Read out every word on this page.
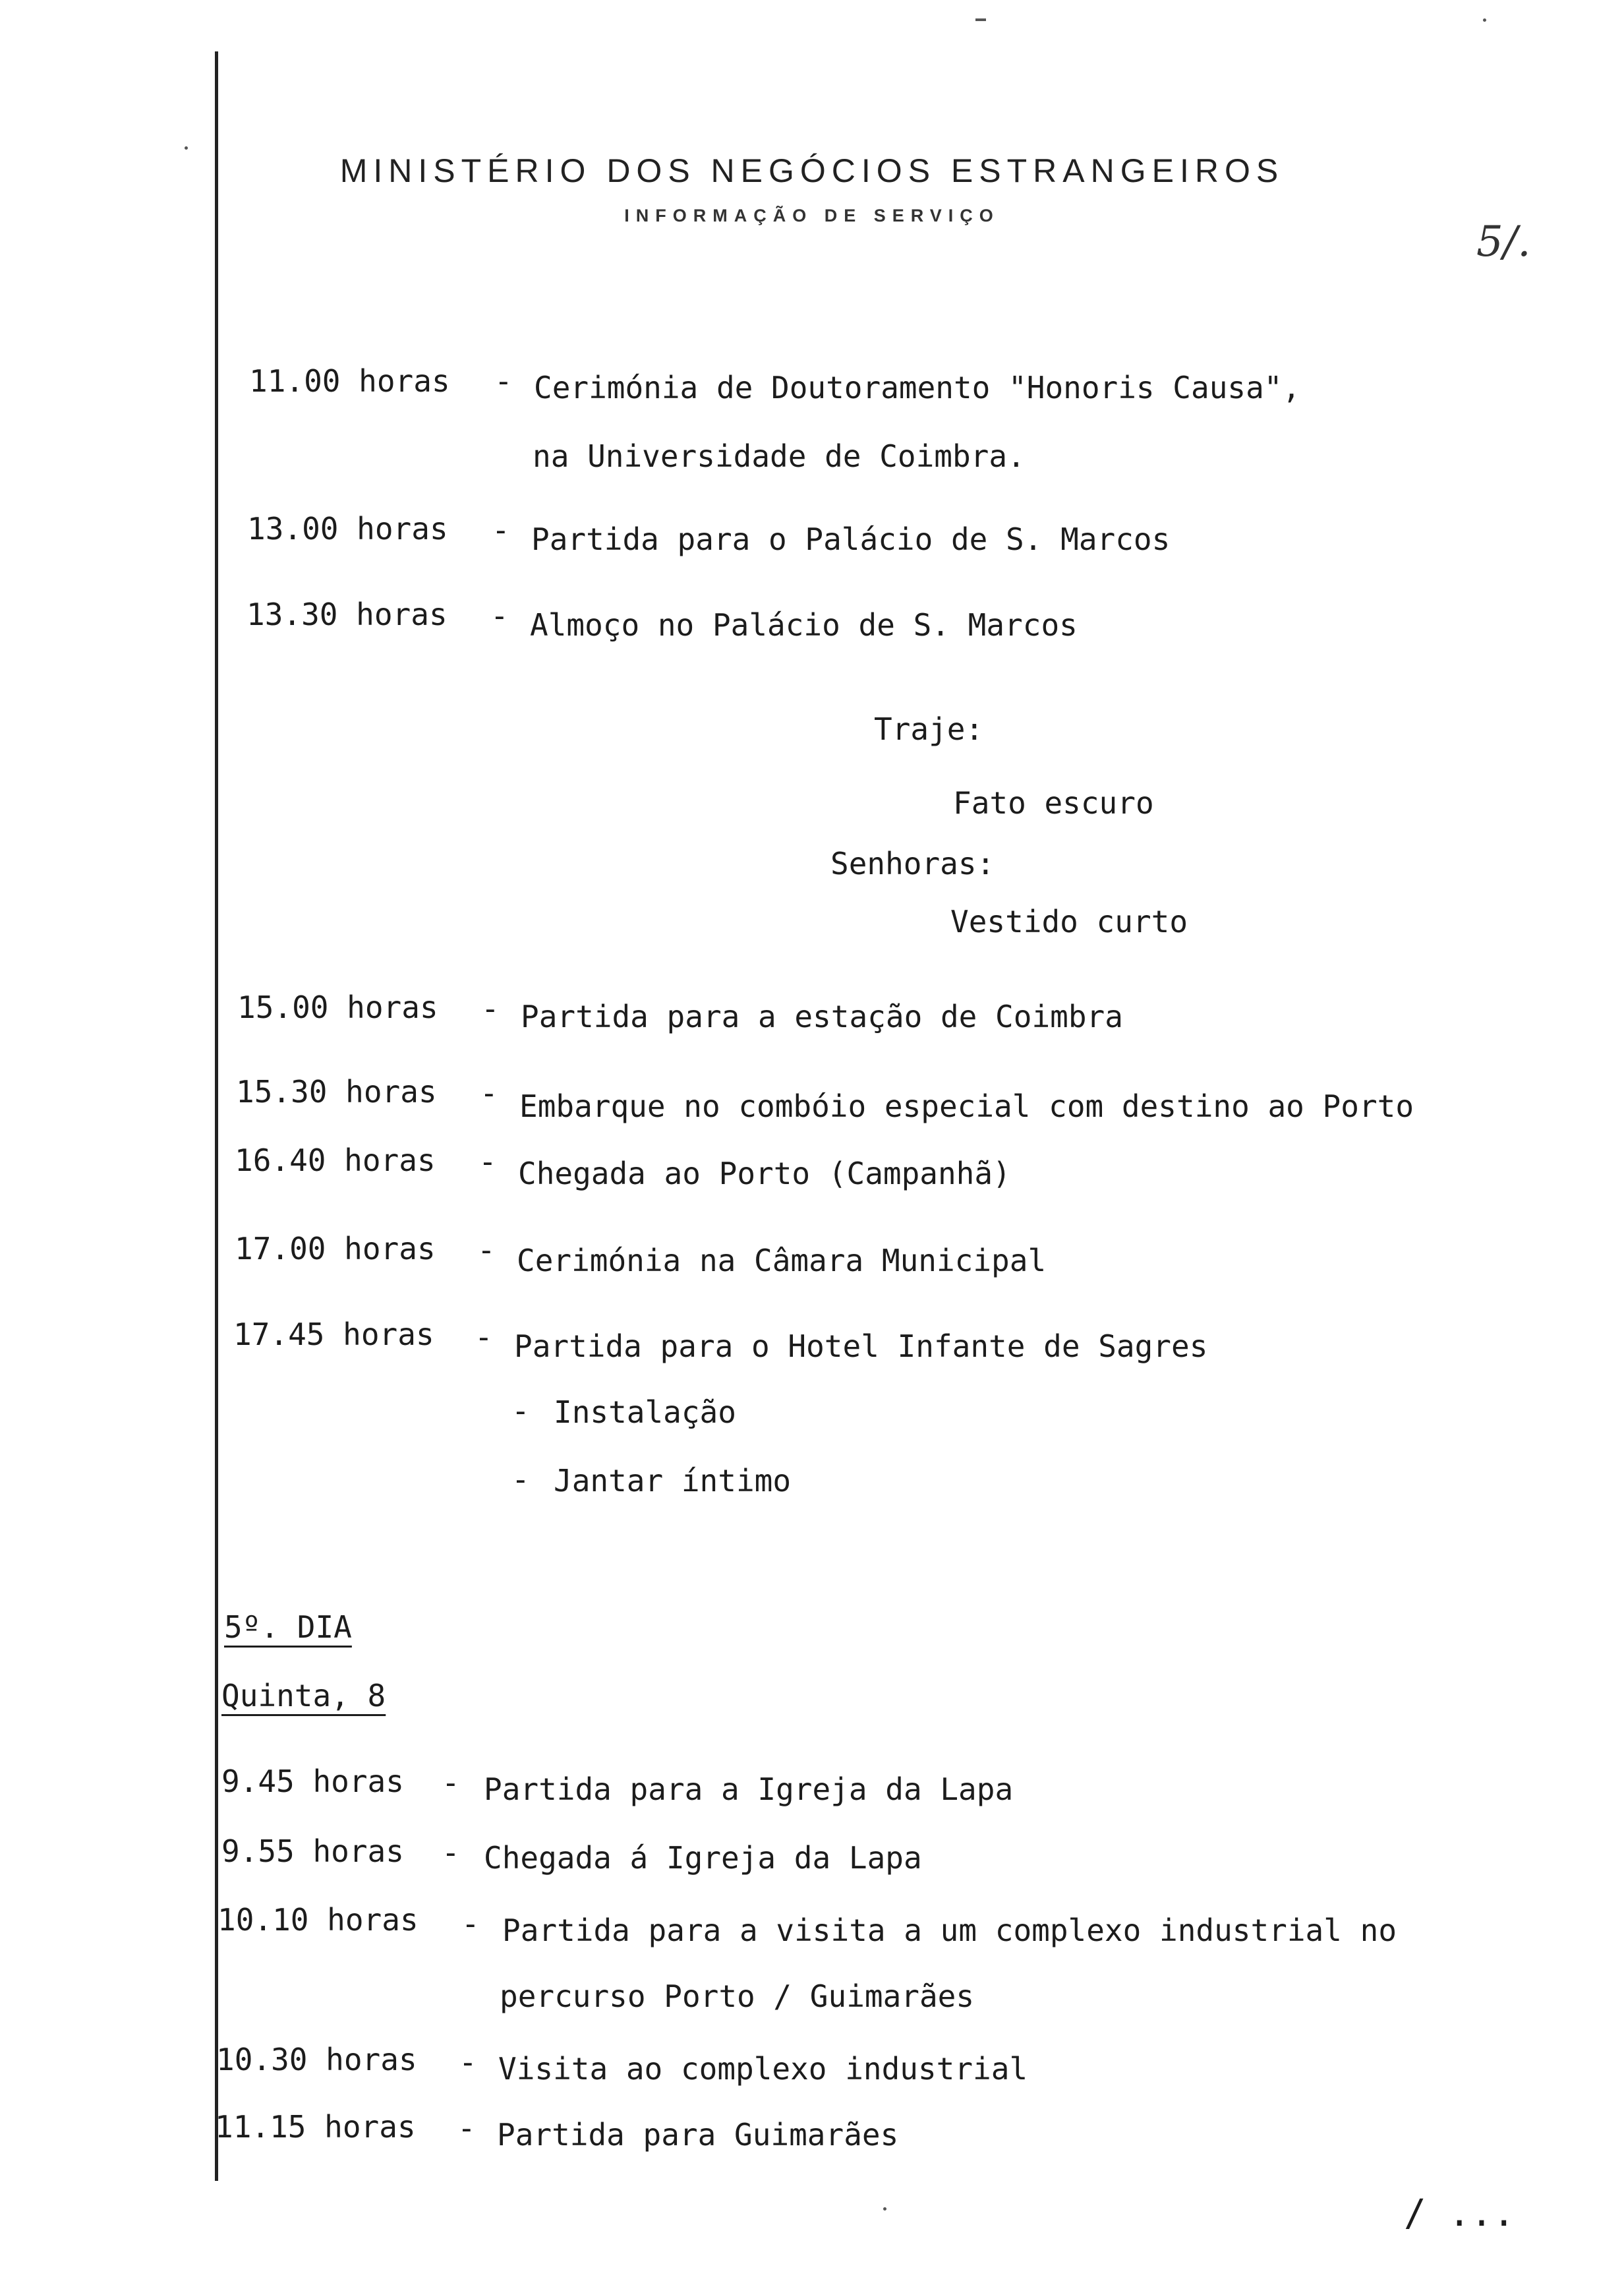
MINISTÉRIO DOS NEGÓCIOS ESTRANGEIROS
INFORMAÇÃO DE SERVIÇO
5/.
11.00 horas - Cerimónia de Doutoramento "Honoris Causa",
na Universidade de Coimbra.
13.00 horas - Partida para o Palácio de S. Marcos
13.30 horas - Almoço no Palácio de S. Marcos
Traje:
Fato escuro
Senhoras:
Vestido curto
15.00 horas - Partida para a estação de Coimbra
15.30 horas - Embarque no combóio especial com destino ao Porto
16.40 horas - Chegada ao Porto (Campanhã)
17.00 horas - Cerimónia na Câmara Municipal
17.45 horas - Partida para o Hotel Infante de Sagres
- Instalação
- Jantar íntimo
5º. DIA
Quinta, 8
9.45 horas - Partida para a Igreja da Lapa
9.55 horas - Chegada á Igreja da Lapa
10.10 horas - Partida para a visita a um complexo industrial no
percurso Porto / Guimarães
10.30 horas - Visita ao complexo industrial
11.15 horas - Partida para Guimarães
/ ...
